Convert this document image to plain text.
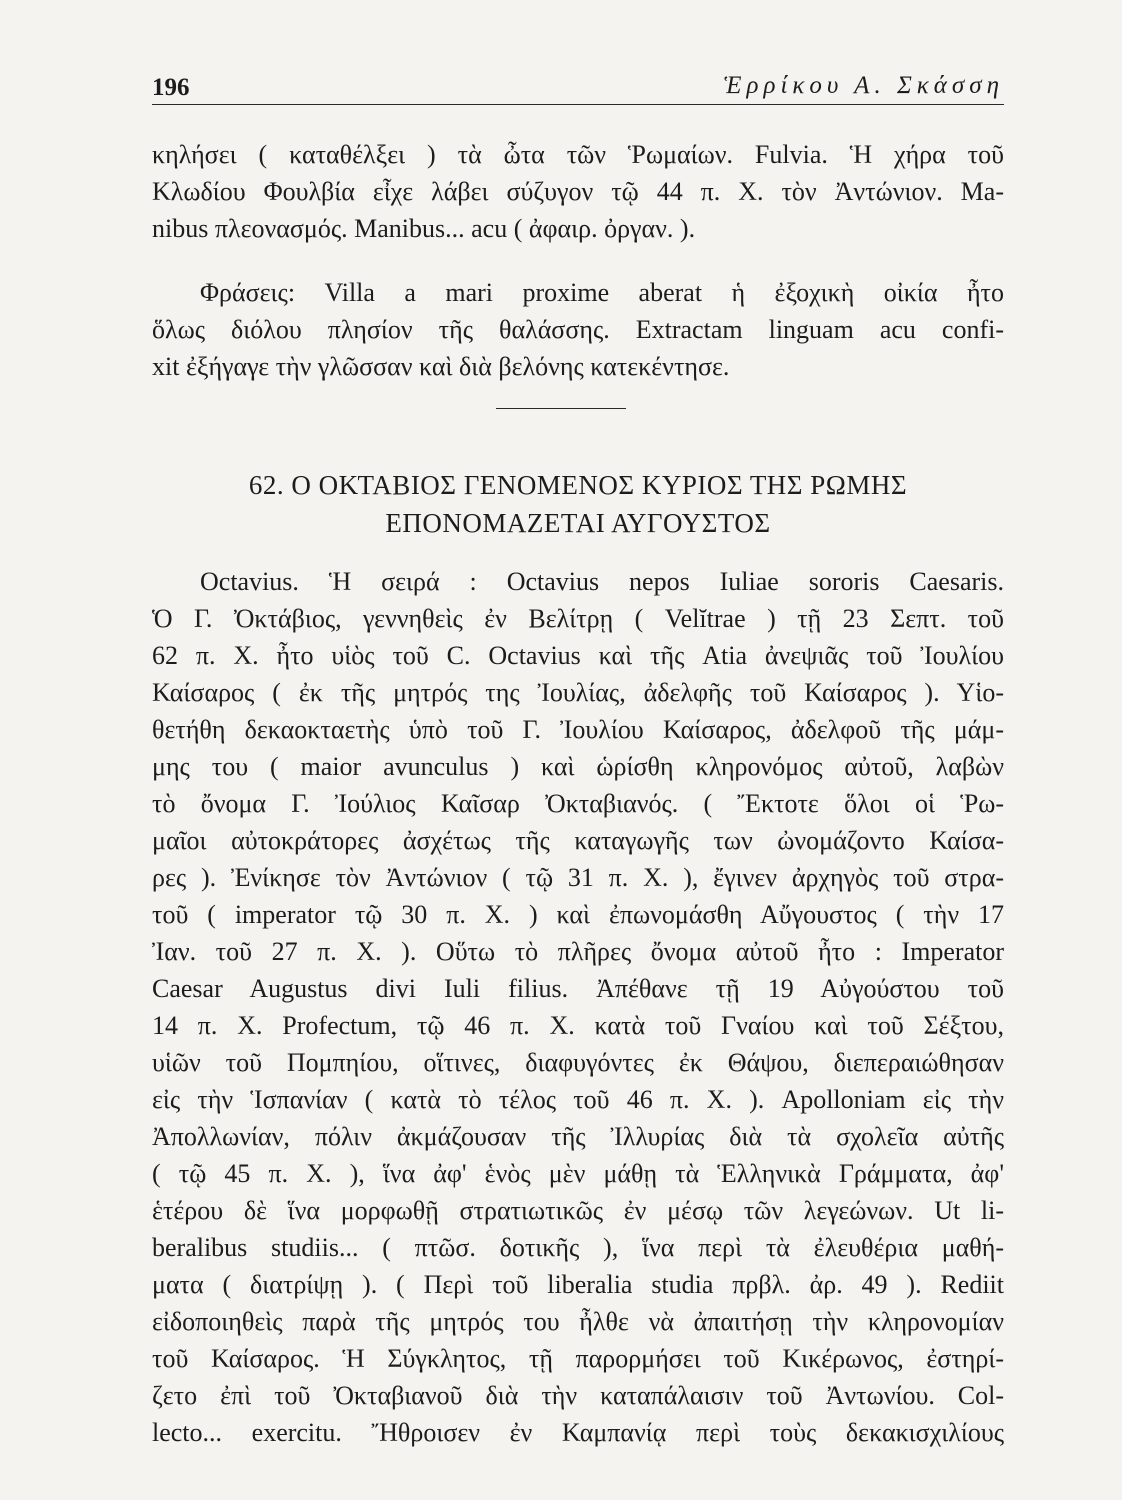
196	Ἑρρίκου Α. Σκάσση
κηλήσει ( καταθέλξει ) τὰ ὦτα τῶν Ῥωμαίων. Fulvia. Ἡ χήρα τοῦ
Κλωδίου Φουλβία εἶχε λάβει σύζυγον τῷ 44 π. Χ. τὸν Ἀντώνιον. Ma-
nibus πλεονασμός. Manibus... acu ( ἀφαιρ. ὀργαν. ).
Φράσεις: Villa a mari proxime aberat ἡ ἐξοχικὴ οἰκία ἦτο
ὅλως διόλου πλησίον τῆς θαλάσσης. Extractam linguam acu confi-
xit ἐξήγαγε τὴν γλῶσσαν καὶ διὰ βελόνης κατεκέντησε.
62. Ο ΟΚΤΑΒΙΟΣ ΓΕΝΟΜΕΝΟΣ ΚΥΡΙΟΣ ΤΗΣ ΡΩΜΗΣ
ΕΠΟΝΟΜΑΖΕΤΑΙ ΑΥΓΟΥΣΤΟΣ
Octavius. Ἡ σειρά : Octavius nepos Iuliae sororis Caesaris.
Ὁ Γ. Ὀκτάβιος, γεννηθεὶς ἐν Βελίτρῃ ( Velĭtrae ) τῇ 23 Σεπτ. τοῦ
62 π. Χ. ἦτο υἱὸς τοῦ C. Octavius καὶ τῆς Atia ἀνεψιᾶς τοῦ Ἰουλίου
Καίσαρος ( ἐκ τῆς μητρός της Ἰουλίας, ἀδελφῆς τοῦ Καίσαρος ). Υἱο-
θετήθη δεκαοκταετὴς ὑπὸ τοῦ Γ. Ἰουλίου Καίσαρος, ἀδελφοῦ τῆς μάμ-
μης του ( maior avunculus ) καὶ ὡρίσθη κληρονόμος αὐτοῦ, λαβὼν
τὸ ὄνομα Γ. Ἰούλιος Καῖσαρ Ὀκταβιανός. ( Ἔκτοτε ὅλοι οἱ Ῥω-
μαῖοι αὐτοκράτορες ἀσχέτως τῆς καταγωγῆς των ὠνομάζοντο Καίσα-
ρες ). Ἐνίκησε τὸν Ἀντώνιον ( τῷ 31 π. Χ. ), ἔγινεν ἀρχηγὸς τοῦ στρα-
τοῦ ( imperator τῷ 30 π. Χ. ) καὶ ἐπωνομάσθη Αὔγουστος ( τὴν 17
Ἰαν. τοῦ 27 π. Χ. ). Οὕτω τὸ πλῆρες ὄνομα αὐτοῦ ἦτο : Imperator
Caesar Augustus divi Iuli filius. Ἀπέθανε τῇ 19 Αὐγούστου τοῦ
14 π. Χ. Profectum, τῷ 46 π. Χ. κατὰ τοῦ Γναίου καὶ τοῦ Σέξτου,
υἱῶν τοῦ Πομπηίου, οἵτινες, διαφυγόντες ἐκ Θάψου, διεπεραιώθησαν
εἰς τὴν Ἱσπανίαν ( κατὰ τὸ τέλος τοῦ 46 π. Χ. ). Apolloniam εἰς τὴν
Ἀπολλωνίαν, πόλιν ἀκμάζουσαν τῆς Ἰλλυρίας διὰ τὰ σχολεῖα αὐτῆς
( τῷ 45 π. Χ. ), ἵνα ἀφ' ἑνὸς μὲν μάθῃ τὰ Ἑλληνικὰ Γράμματα, ἀφ'
ἑτέρου δὲ ἵνα μορφωθῇ στρατιωτικῶς ἐν μέσῳ τῶν λεγεώνων. Ut li-
beralibus studiis... ( πτῶσ. δοτικῆς ), ἵνα περὶ τὰ ἐλευθέρια μαθή-
ματα ( διατρίψῃ ). ( Περὶ τοῦ liberalia studia πρβλ. ἀρ. 49 ). Rediit
εἰδοποιηθεὶς παρὰ τῆς μητρός του ἦλθε νὰ ἀπαιτήσῃ τὴν κληρονομίαν
τοῦ Καίσαρος. Ἡ Σύγκλητος, τῇ παρορμήσει τοῦ Κικέρωνος, ἐστηρί-
ζετο ἐπὶ τοῦ Ὀκταβιανοῦ διὰ τὴν καταπάλαισιν τοῦ Ἀντωνίου. Col-
lecto... exercitu. Ἤθροισεν ἐν Καμπανίᾳ περὶ τοὺς δεκακισχιλίους
